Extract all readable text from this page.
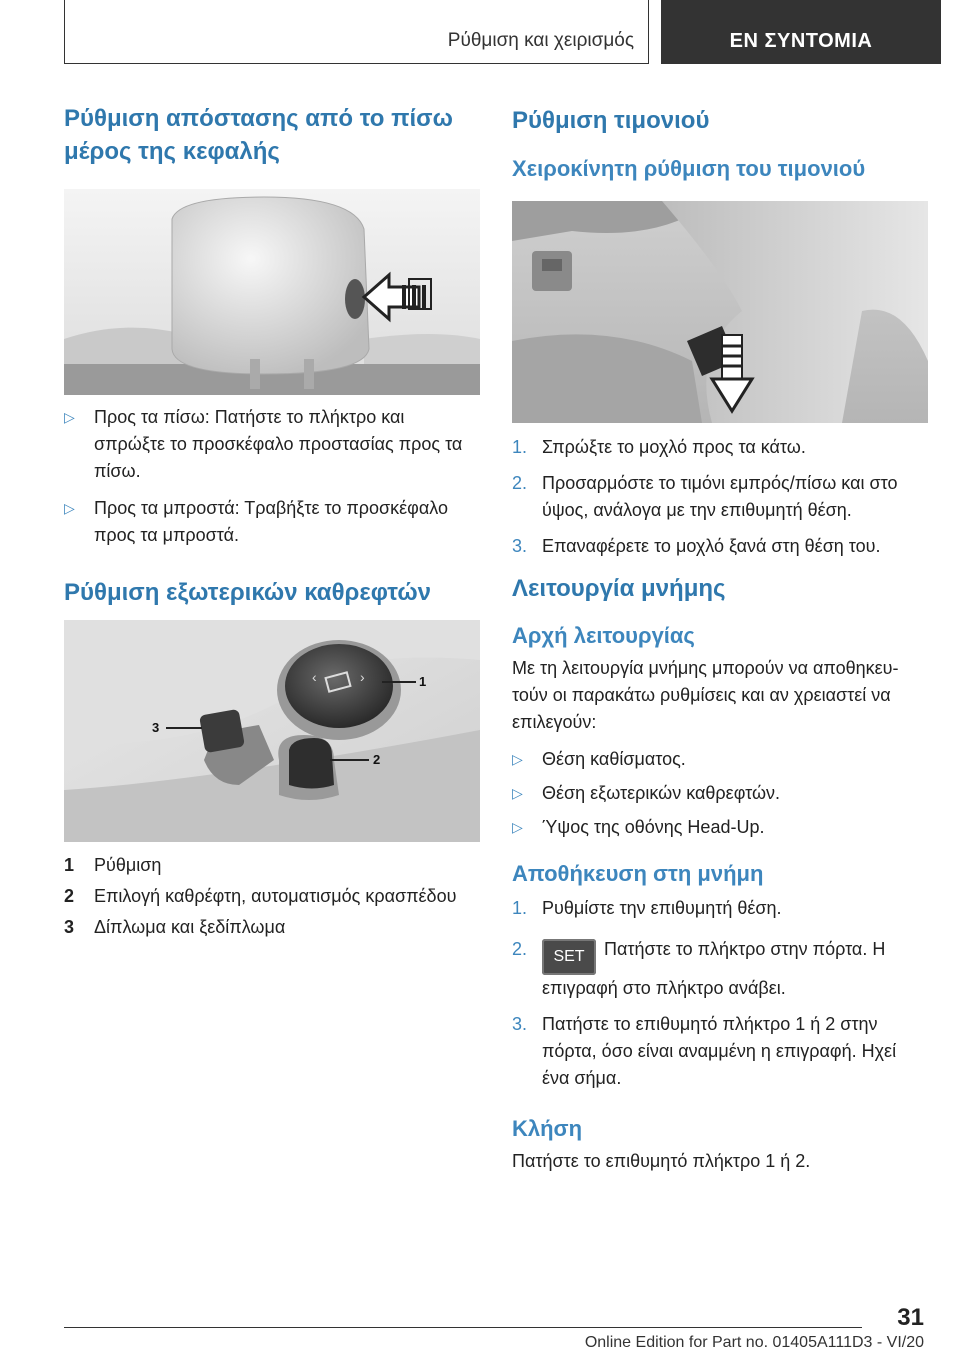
Ρύθμιση και χειρισμός	ΕΝ ΣΥΝΤΟΜΙΑ
Ρύθμιση απόστασης από το πίσω μέρος της κεφαλής
▷ Προς τα πίσω: Πατήστε το πλήκτρο και σπρώξτε το προσκέφαλο προστασίας προς τα πίσω.
▷ Προς τα μπροστά: Τραβήξτε το προσκέφαλο προς τα μπροστά.
Ρύθμιση εξωτερικών καθρεφτών
‹	›	1
2
3
1 Ρύθμιση
2 Επιλογή καθρέφτη, αυτοματισμός κρασπέδου
3 Δίπλωμα και ξεδίπλωμα
Ρύθμιση τιμονιού
Χειροκίνητη ρύθμιση του τιμονιού
1. Σπρώξτε το μοχλό προς τα κάτω.
2. Προσαρμόστε το τιμόνι εμπρός/πίσω και στο ύψος, ανάλογα με την επιθυμητή θέση.
3. Επαναφέρετε το μοχλό ξανά στη θέση του.
Λειτουργία μνήμης
Αρχή λειτουργίας

Με τη λειτουργία μνήμης μπορούν να αποθηκευ‐τούν οι παρακάτω ρυθμίσεις και αν χρειαστεί να επιλεγούν:

▷ Θέση καθίσματος.
▷ Θέση εξωτερικών καθρεφτών.
▷ Ύψος της οθόνης Head-Up.
Αποθήκευση στη μνήμη
1. Ρυθμίστε την επιθυμητή θέση.
2. SET Πατήστε το πλήκτρο στην πόρτα. Η επιγραφή στο πλήκτρο ανάβει.
3. Πατήστε το επιθυμητό πλήκτρο 1 ή 2 στην πόρτα, όσο είναι αναμμένη η επιγραφή. Ηχεί ένα σήμα.
Κλήση

Πατήστε το επιθυμητό πλήκτρο 1 ή 2.

31
Online Edition for Part no. 01405A111D3 - VI/20
